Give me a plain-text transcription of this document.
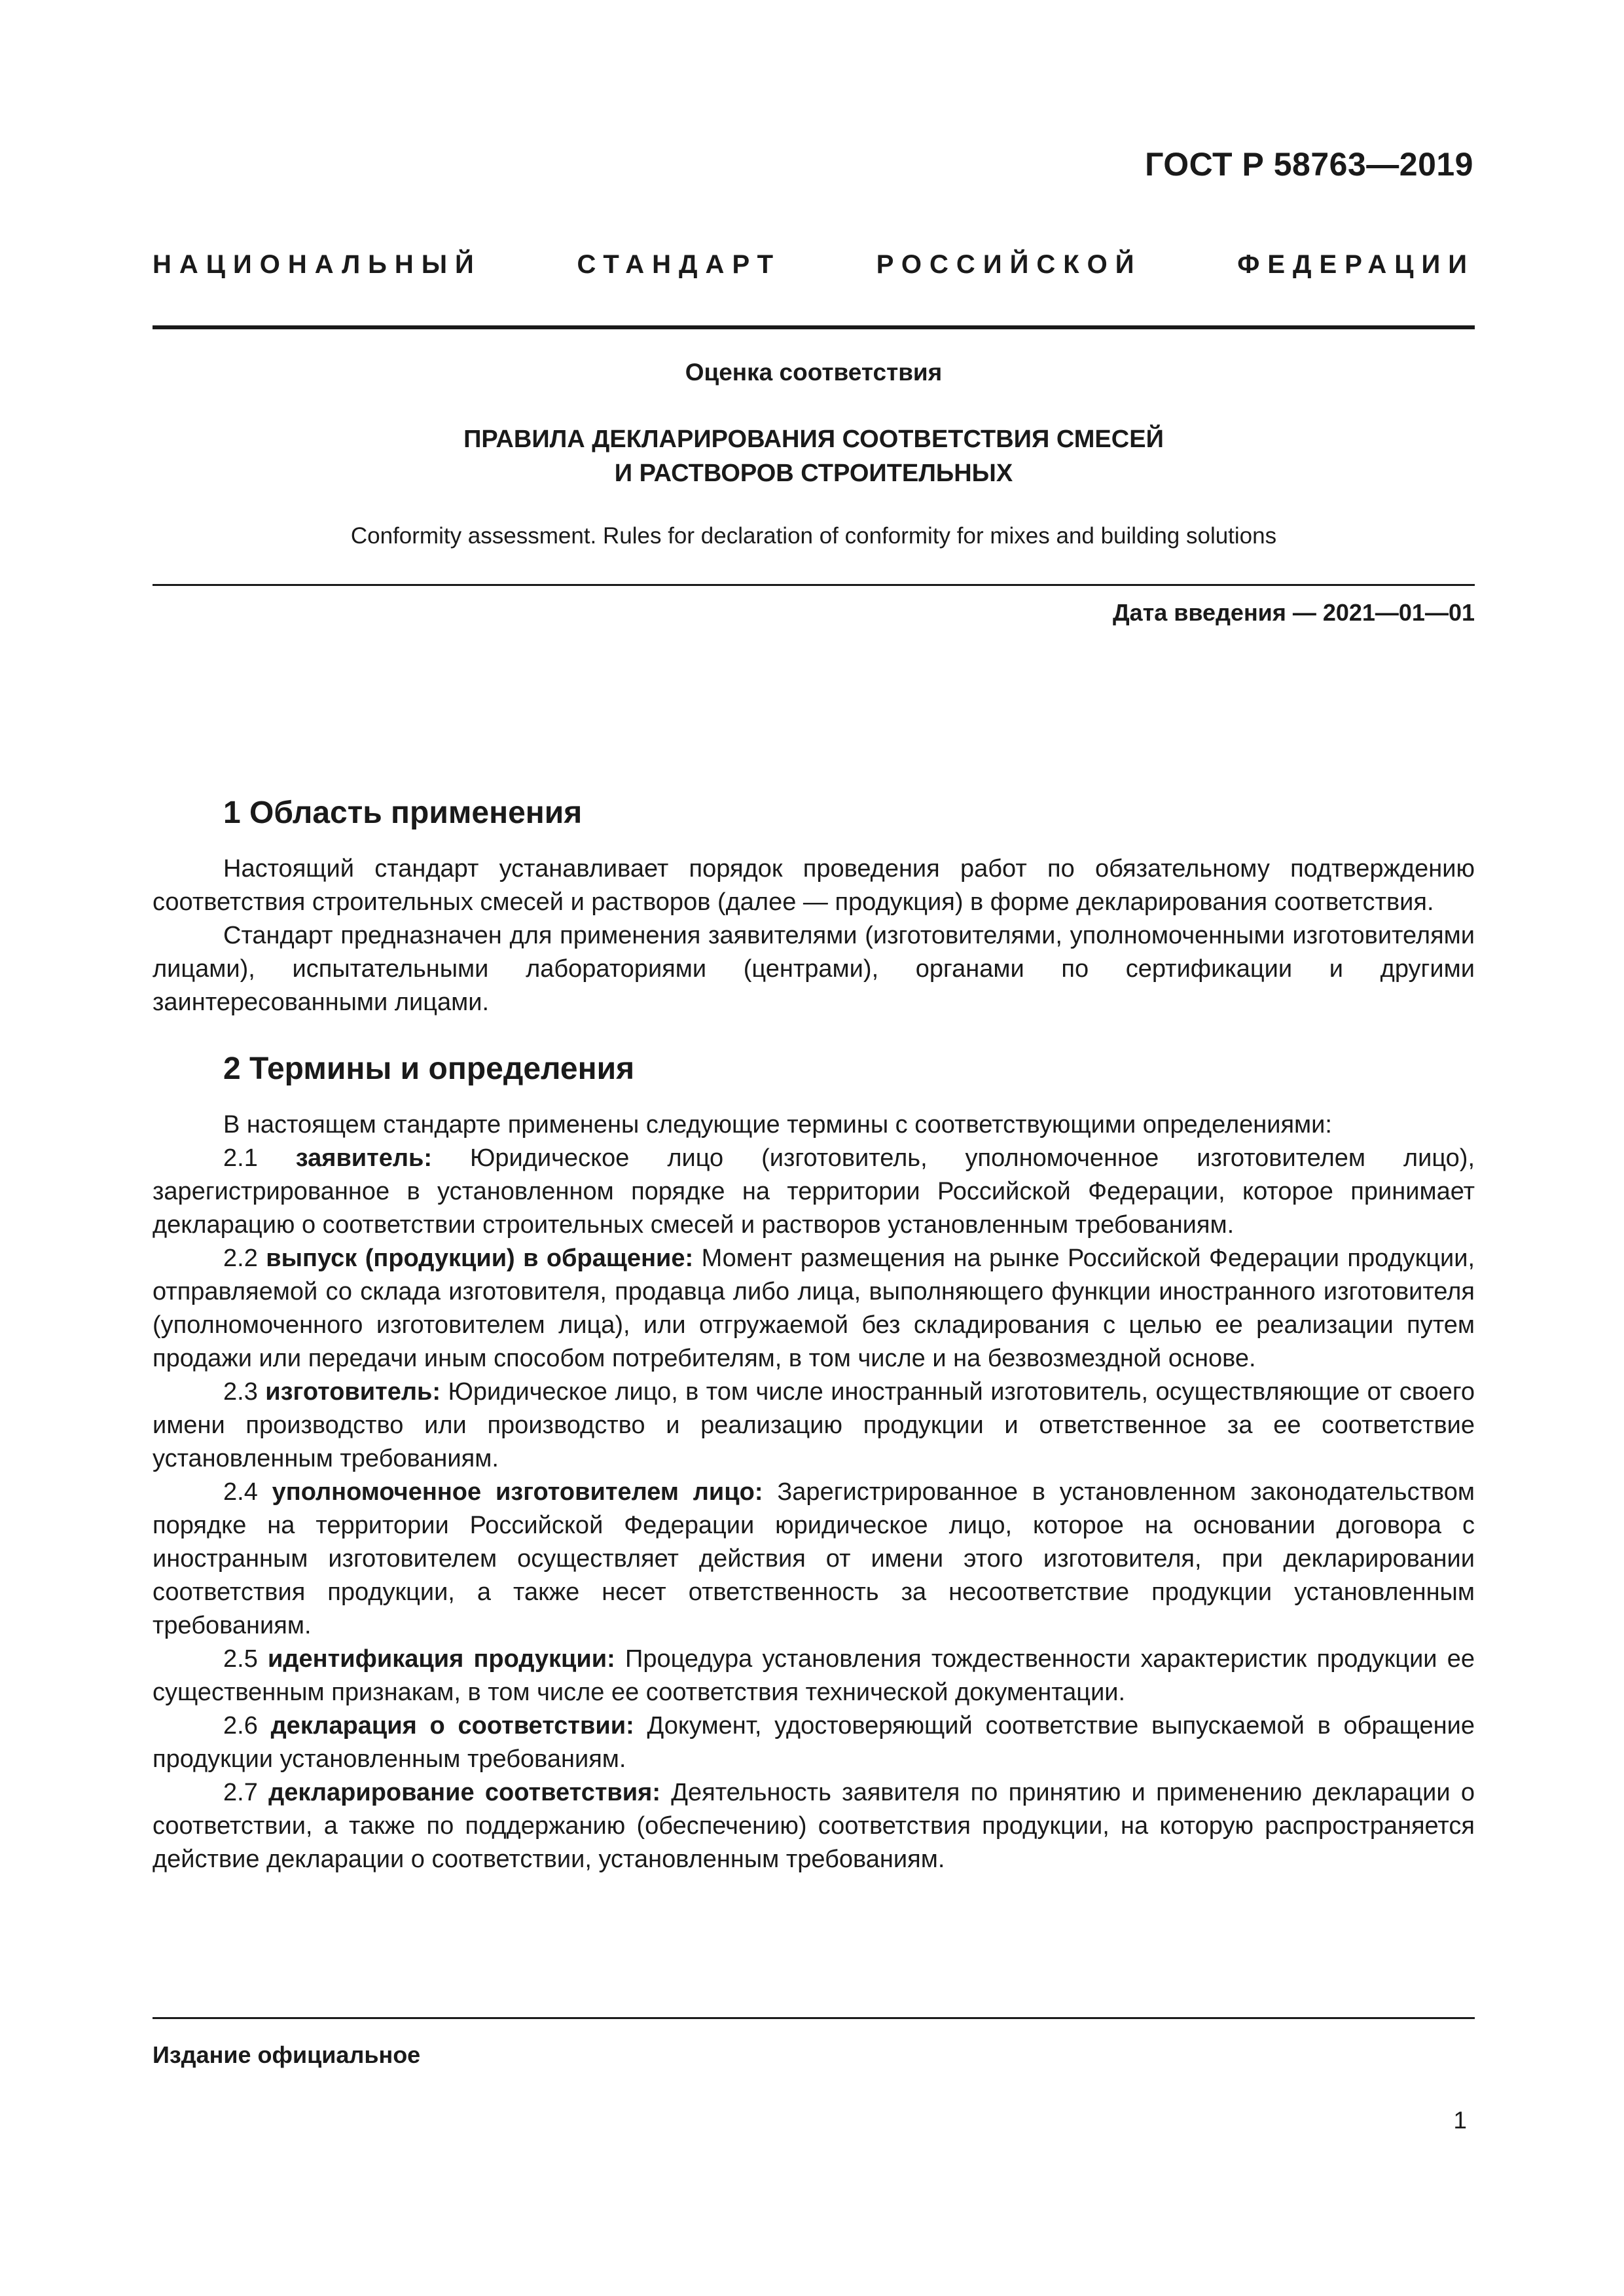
ГОСТ Р 58763—2019
НАЦИОНАЛЬНЫЙ СТАНДАРТ РОССИЙСКОЙ ФЕДЕРАЦИИ
Оценка соответствия
ПРАВИЛА ДЕКЛАРИРОВАНИЯ СООТВЕТСТВИЯ СМЕСЕЙ
И РАСТВОРОВ СТРОИТЕЛЬНЫХ
Conformity assessment. Rules for declaration of conformity for mixes and building solutions
Дата введения — 2021—01—01
1 Область применения

Настоящий стандарт устанавливает порядок проведения работ по обязательному подтверждению соответствия строительных смесей и растворов (далее — продукция) в форме декларирования соответствия.

Стандарт предназначен для применения заявителями (изготовителями, уполномоченными изготовителями лицами), испытательными лабораториями (центрами), органами по сертификации и другими заинтересованными лицами.

2 Термины и определения

В настоящем стандарте применены следующие термины с соответствующими определениями:

2.1 заявитель: Юридическое лицо (изготовитель, уполномоченное изготовителем лицо), зарегистрированное в установленном порядке на территории Российской Федерации, которое принимает декларацию о соответствии строительных смесей и растворов установленным требованиям.

2.2 выпуск (продукции) в обращение: Момент размещения на рынке Российской Федерации продукции, отправляемой со склада изготовителя, продавца либо лица, выполняющего функции иностранного изготовителя (уполномоченного изготовителем лица), или отгружаемой без складирования с целью ее реализации путем продажи или передачи иным способом потребителям, в том числе и на безвозмездной основе.

2.3 изготовитель: Юридическое лицо, в том числе иностранный изготовитель, осуществляющие от своего имени производство или производство и реализацию продукции и ответственное за ее соответствие установленным требованиям.

2.4 уполномоченное изготовителем лицо: Зарегистрированное в установленном законодательством порядке на территории Российской Федерации юридическое лицо, которое на основании договора с иностранным изготовителем осуществляет действия от имени этого изготовителя, при декларировании соответствия продукции, а также несет ответственность за несоответствие продукции установленным требованиям.

2.5 идентификация продукции: Процедура установления тождественности характеристик продукции ее существенным признакам, в том числе ее соответствия технической документации.

2.6 декларация о соответствии: Документ, удостоверяющий соответствие выпускаемой в обращение продукции установленным требованиям.

2.7 декларирование соответствия: Деятельность заявителя по принятию и применению декларации о соответствии, а также по поддержанию (обеспечению) соответствия продукции, на которую распространяется действие декларации о соответствии, установленным требованиям.

Издание официальное
1
